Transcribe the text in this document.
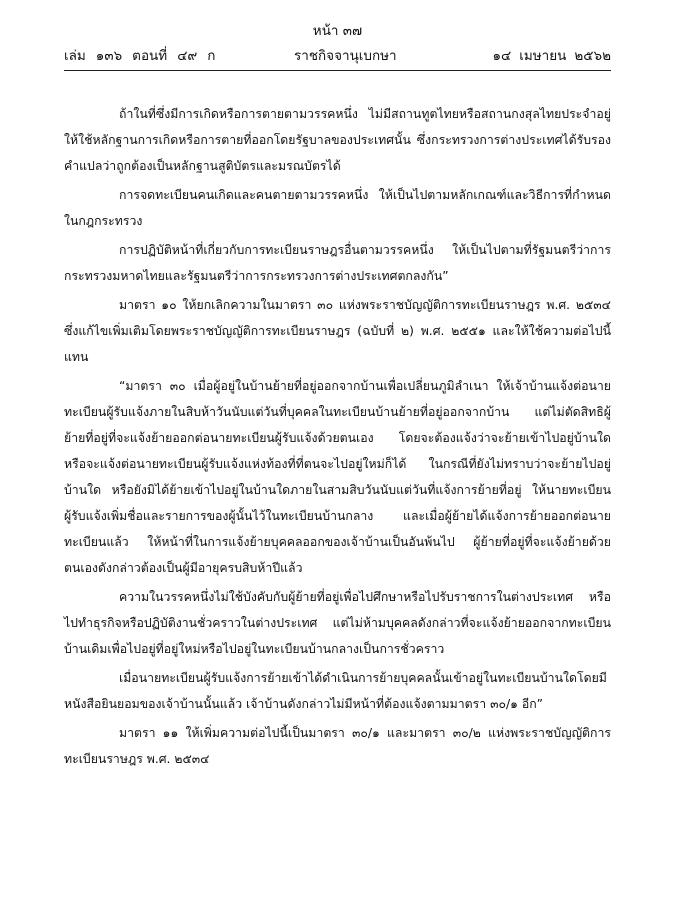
หน้า ๓๗
เล่ม ๑๓๖ ตอนที่ ๔๙ ก	ราชกิจจานุเบกษา	๑๔ เมษายน ๒๕๖๒

ถ้าในที่ซึ่งมีการเกิดหรือการตายตามวรรคหนึ่ง ไม่มีสถานทูตไทยหรือสถานกงสุลไทยประจำอยู่ ให้ใช้หลักฐานการเกิดหรือการตายที่ออกโดยรัฐบาลของประเทศนั้น ซึ่งกระทรวงการต่างประเทศได้รับรองคำแปลว่าถูกต้องเป็นหลักฐานสูติบัตรและมรณบัตรได้

การจดทะเบียนคนเกิดและคนตายตามวรรคหนึ่ง ให้เป็นไปตามหลักเกณฑ์และวิธีการที่กำหนดในกฎกระทรวง

การปฏิบัติหน้าที่เกี่ยวกับการทะเบียนราษฎรอื่นตามวรรคหนึ่ง ให้เป็นไปตามที่รัฐมนตรีว่าการกระทรวงมหาดไทยและรัฐมนตรีว่าการกระทรวงการต่างประเทศตกลงกัน”

มาตรา ๑๐ ให้ยกเลิกความในมาตรา ๓๐ แห่งพระราชบัญญัติการทะเบียนราษฎร พ.ศ. ๒๕๓๔ ซึ่งแก้ไขเพิ่มเติมโดยพระราชบัญญัติการทะเบียนราษฎร (ฉบับที่ ๒) พ.ศ. ๒๕๕๑ และให้ใช้ความต่อไปนี้แทน

“มาตรา ๓๐ เมื่อผู้อยู่ในบ้านย้ายที่อยู่ออกจากบ้านเพื่อเปลี่ยนภูมิลำเนา ให้เจ้าบ้านแจ้งต่อนายทะเบียนผู้รับแจ้งภายในสิบห้าวันนับแต่วันที่บุคคลในทะเบียนบ้านย้ายที่อยู่ออกจากบ้าน แต่ไม่ตัดสิทธิผู้ย้ายที่อยู่ที่จะแจ้งย้ายออกต่อนายทะเบียนผู้รับแจ้งด้วยตนเอง โดยจะต้องแจ้งว่าจะย้ายเข้าไปอยู่บ้านใดหรือจะแจ้งต่อนายทะเบียนผู้รับแจ้งแห่งท้องที่ที่ตนจะไปอยู่ใหม่ก็ได้ ในกรณีที่ยังไม่ทราบว่าจะย้ายไปอยู่บ้านใด หรือยังมิได้ย้ายเข้าไปอยู่ในบ้านใดภายในสามสิบวันนับแต่วันที่แจ้งการย้ายที่อยู่ ให้นายทะเบียนผู้รับแจ้งเพิ่มชื่อและรายการของผู้นั้นไว้ในทะเบียนบ้านกลาง และเมื่อผู้ย้ายได้แจ้งการย้ายออกต่อนายทะเบียนแล้ว ให้หน้าที่ในการแจ้งย้ายบุคคลออกของเจ้าบ้านเป็นอันพ้นไป ผู้ย้ายที่อยู่ที่จะแจ้งย้ายด้วยตนเองดังกล่าวต้องเป็นผู้มีอายุครบสิบห้าปีแล้ว

ความในวรรคหนึ่งไม่ใช้บังคับกับผู้ย้ายที่อยู่เพื่อไปศึกษาหรือไปรับราชการในต่างประเทศ หรือไปทำธุรกิจหรือปฏิบัติงานชั่วคราวในต่างประเทศ แต่ไม่ห้ามบุคคลดังกล่าวที่จะแจ้งย้ายออกจากทะเบียนบ้านเดิมเพื่อไปอยู่ที่อยู่ใหม่หรือไปอยู่ในทะเบียนบ้านกลางเป็นการชั่วคราว

เมื่อนายทะเบียนผู้รับแจ้งการย้ายเข้าได้ดำเนินการย้ายบุคคลนั้นเข้าอยู่ในทะเบียนบ้านใดโดยมีหนังสือยินยอมของเจ้าบ้านนั้นแล้ว เจ้าบ้านดังกล่าวไม่มีหน้าที่ต้องแจ้งตามมาตรา ๓๐/๑ อีก”

มาตรา ๑๑ ให้เพิ่มความต่อไปนี้เป็นมาตรา ๓๐/๑ และมาตรา ๓๐/๒ แห่งพระราชบัญญัติการทะเบียนราษฎร พ.ศ. ๒๕๓๔
